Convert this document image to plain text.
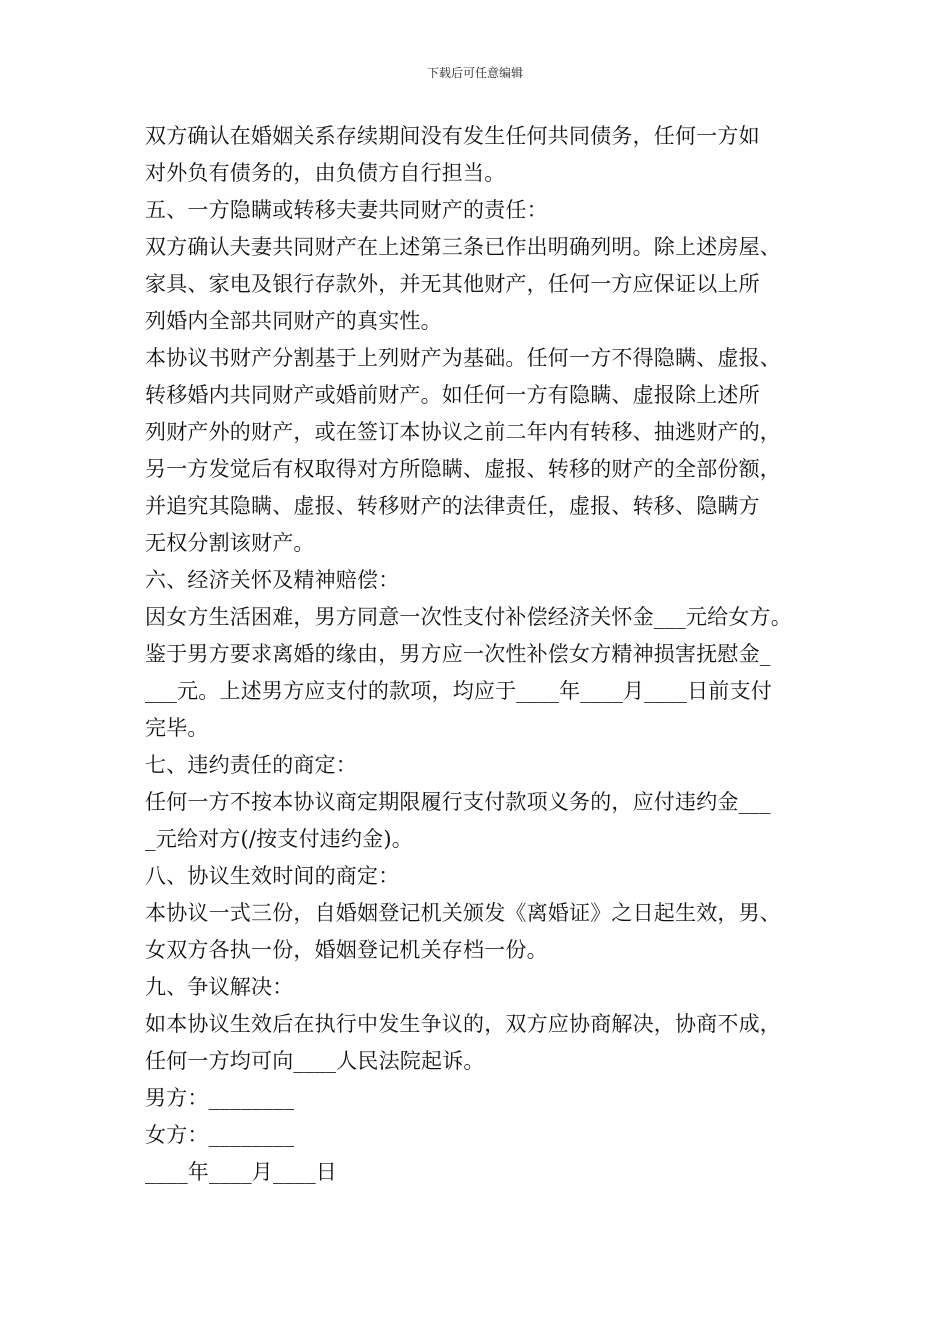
下载后可任意编辑
双方确认在婚姻关系存续期间没有发生任何共同债务，任何一方如
对外负有债务的，由负债方自行担当。
五、一方隐瞒或转移夫妻共同财产的责任：
双方确认夫妻共同财产在上述第三条已作出明确列明。除上述房屋、
家具、家电及银行存款外，并无其他财产，任何一方应保证以上所
列婚内全部共同财产的真实性。
本协议书财产分割基于上列财产为基础。任何一方不得隐瞒、虚报、
转移婚内共同财产或婚前财产。如任何一方有隐瞒、虚报除上述所
列财产外的财产，或在签订本协议之前二年内有转移、抽逃财产的，
另一方发觉后有权取得对方所隐瞒、虚报、转移的财产的全部份额，
并追究其隐瞒、虚报、转移财产的法律责任，虚报、转移、隐瞒方
无权分割该财产。
六、经济关怀及精神赔偿：
因女方生活困难，男方同意一次性支付补偿经济关怀金___元给女方。
鉴于男方要求离婚的缘由，男方应一次性补偿女方精神损害抚慰金_
___元。上述男方应支付的款项，均应于____年____月____日前支付
完毕。
七、违约责任的商定：
任何一方不按本协议商定期限履行支付款项义务的，应付违约金___
_元给对方(/按支付违约金)。
八、协议生效时间的商定：
本协议一式三份，自婚姻登记机关颁发《离婚证》之日起生效，男、
女双方各执一份，婚姻登记机关存档一份。
九、争议解决：
如本协议生效后在执行中发生争议的，双方应协商解决，协商不成，
任何一方均可向____人民法院起诉。
男方：________
女方：________
____年____月____日
